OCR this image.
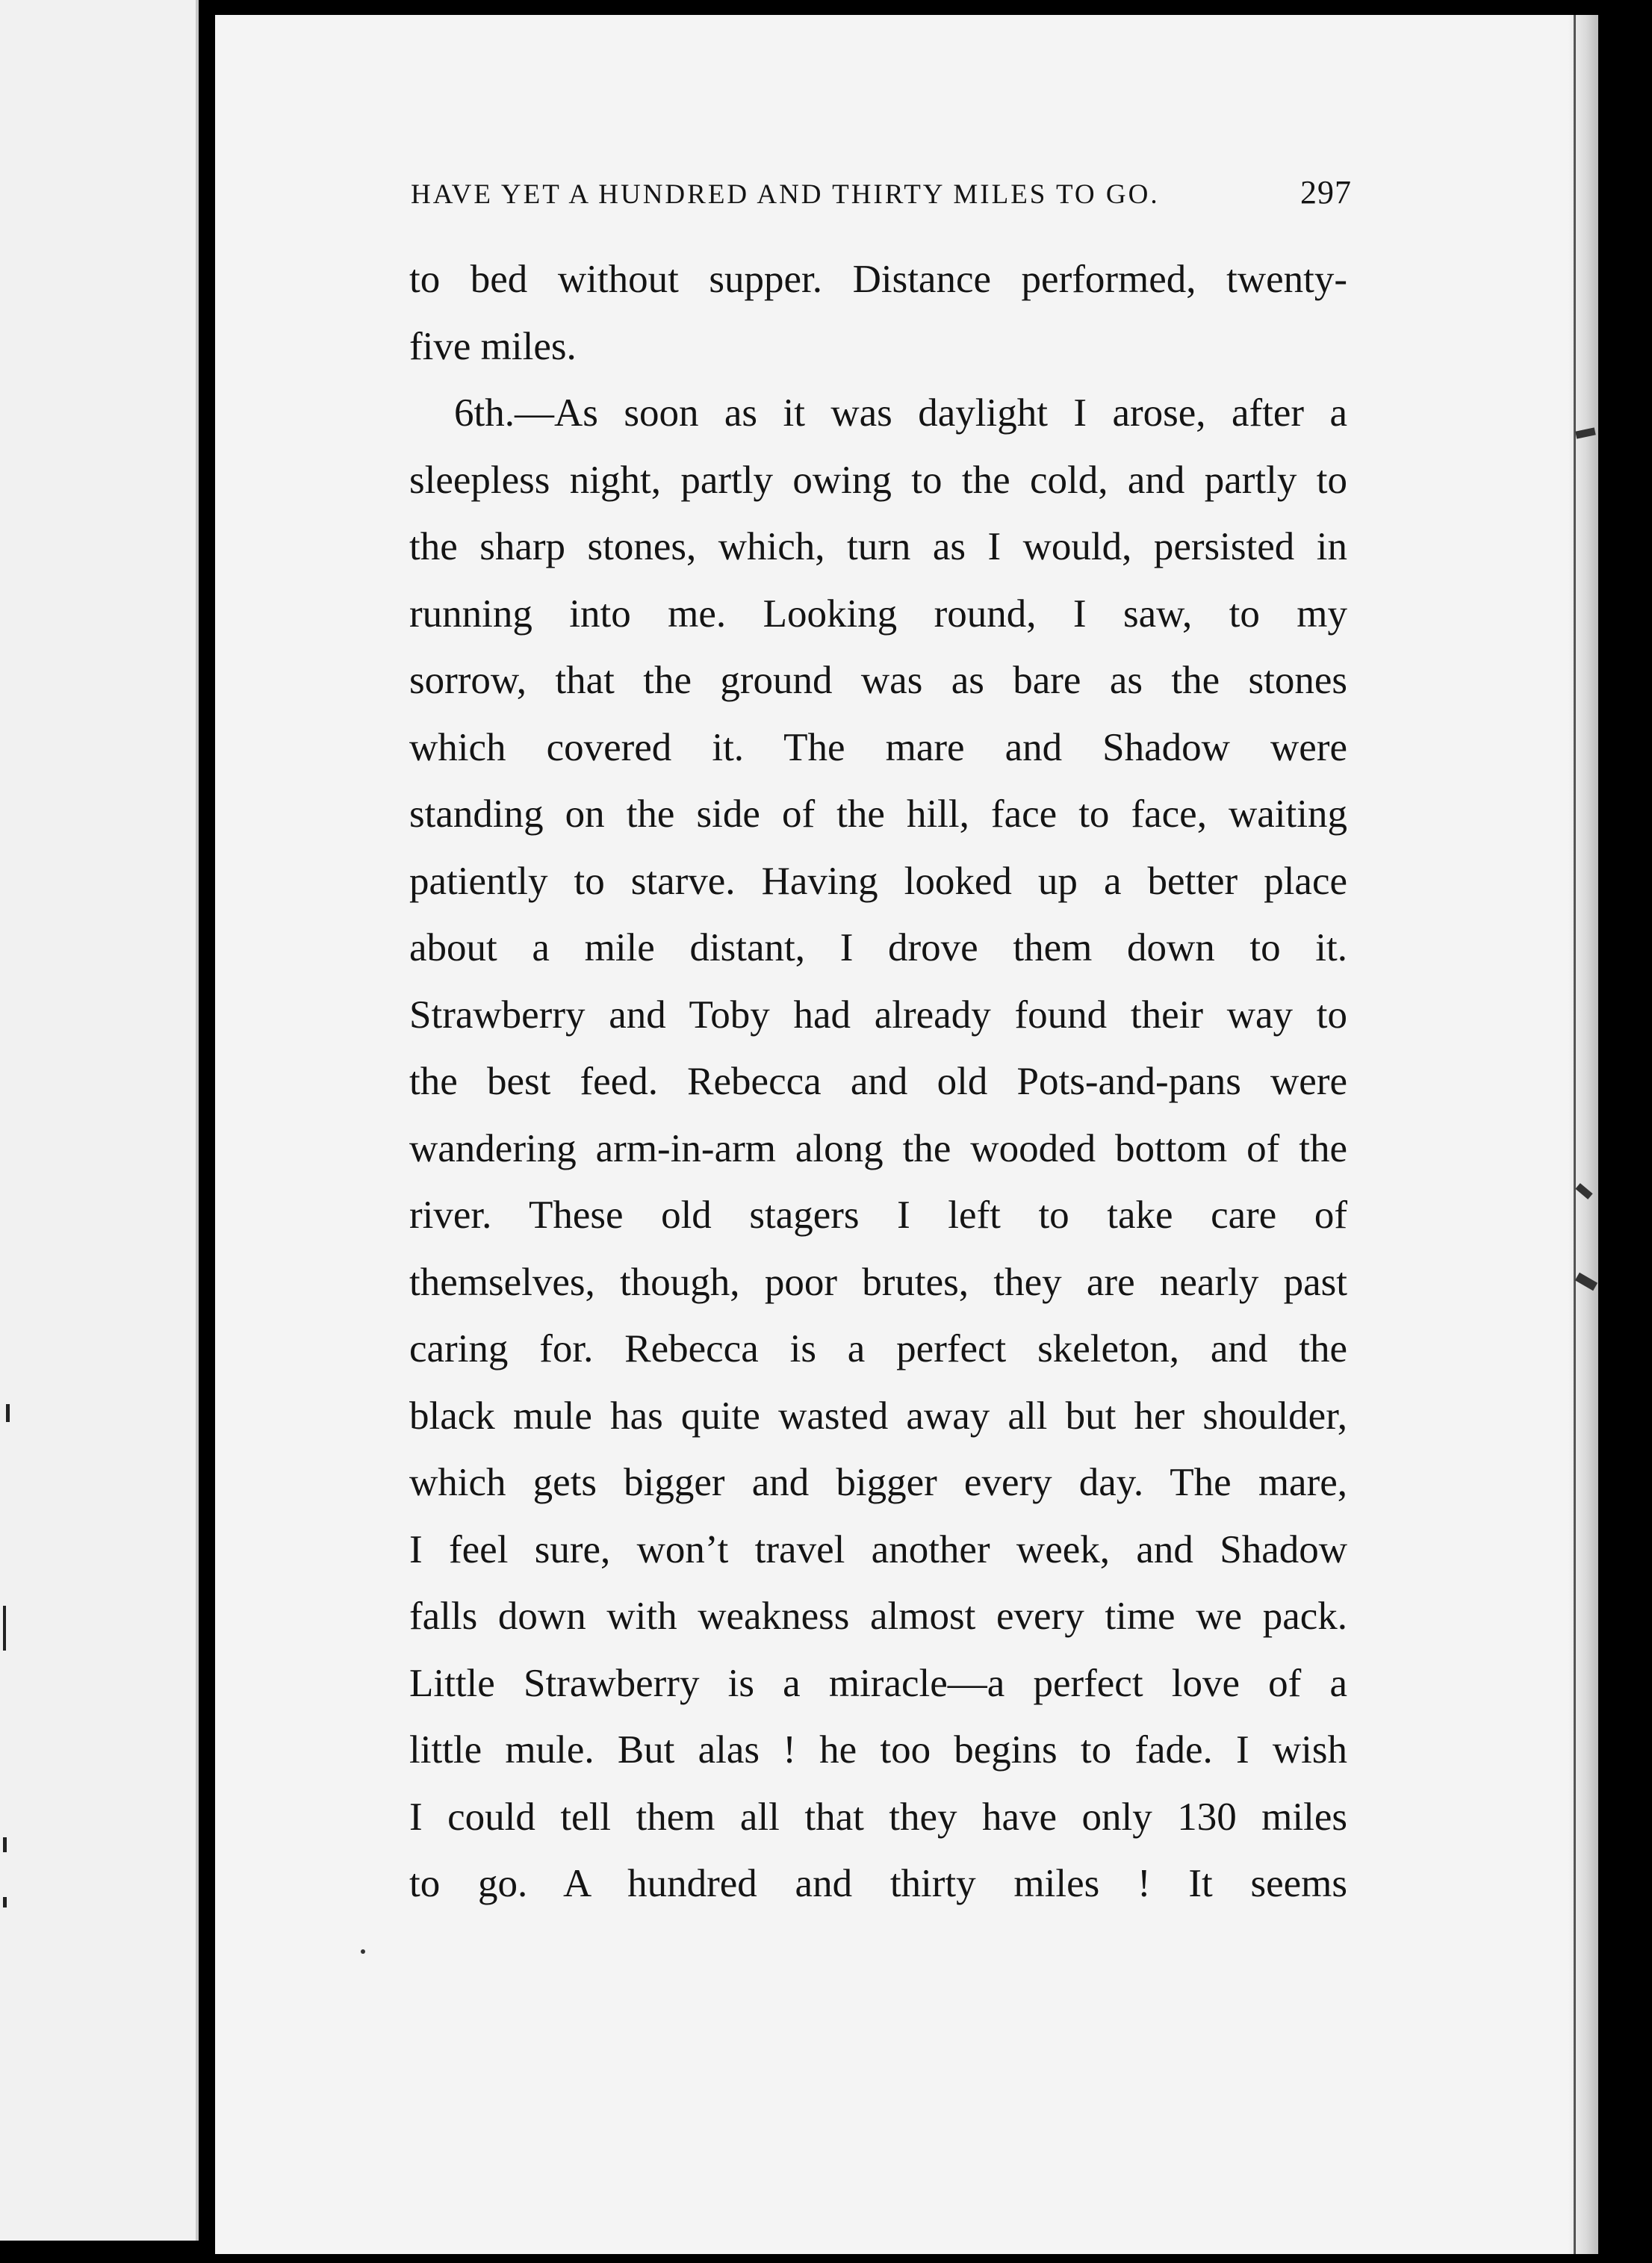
HAVE YET A HUNDRED AND THIRTY MILES TO GO.	297
to bed without supper. Distance performed, twenty-
five miles.
6th.—As soon as it was daylight I arose, after a
sleepless night, partly owing to the cold, and partly to
the sharp stones, which, turn as I would, persisted in
running into me. Looking round, I saw, to my
sorrow, that the ground was as bare as the stones
which covered it. The mare and Shadow were
standing on the side of the hill, face to face, waiting
patiently to starve. Having looked up a better place
about a mile distant, I drove them down to it.
Strawberry and Toby had already found their way to
the best feed. Rebecca and old Pots-and-pans were
wandering arm-in-arm along the wooded bottom of the
river. These old stagers I left to take care of
themselves, though, poor brutes, they are nearly past
caring for. Rebecca is a perfect skeleton, and the
black mule has quite wasted away all but her shoulder,
which gets bigger and bigger every day. The mare,
I feel sure, won’t travel another week, and Shadow
falls down with weakness almost every time we pack.
Little Strawberry is a miracle—a perfect love of a
little mule. But alas ! he too begins to fade. I wish
I could tell them all that they have only 130 miles
to go. A hundred and thirty miles ! It seems
